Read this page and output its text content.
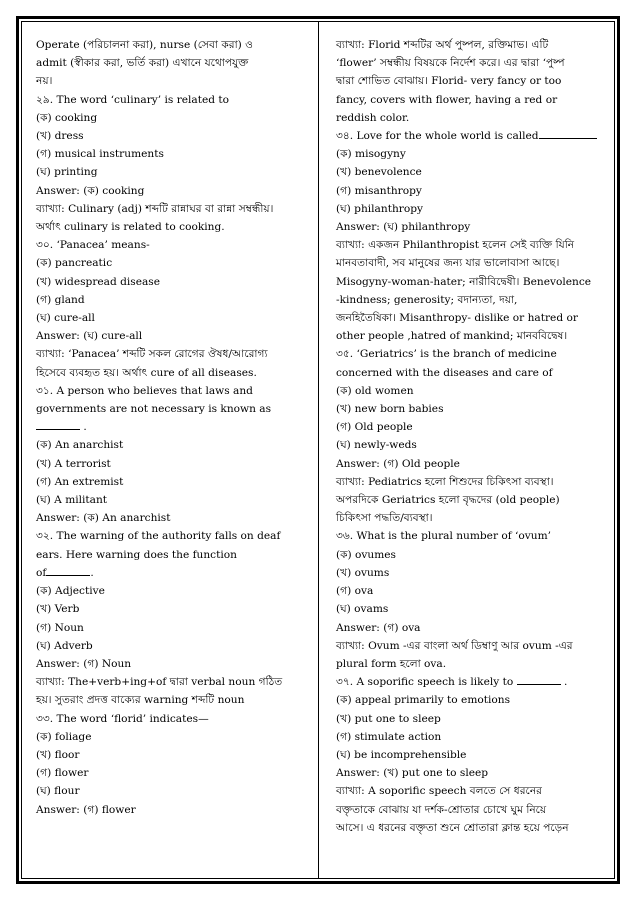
Operate (পরিচালনা করা), nurse (সেবা করা) ও

admit (স্বীকার করা, ভর্তি করা) এখানে যথোপযুক্ত

নয়।

২৯. The word ‘culinary’ is related to

(ক) cooking

(খ) dress

(গ) musical instruments

(ঘ) printing

Answer: (ক) cooking

ব্যাখ্যা: Culinary (adj) শব্দটি রান্নাঘর বা রান্না সম্বন্ধীয়।

অর্থাৎ culinary is related to cooking.

৩০. ‘Panacea’ means-

(ক) pancreatic

(খ) widespread disease

(গ) gland

(ঘ) cure-all

Answer: (ঘ) cure-all

ব্যাখ্যা: ‘Panacea’ শব্দটি সকল রোগের ঔষধ/আরোগ্য

হিসেবে ব্যবহৃত হয়। অর্থাৎ cure of all diseases.

৩১. A person who believes that laws and

governments are not necessary is known as

.

(ক) An anarchist

(খ) A terrorist

(গ) An extremist

(ঘ) A militant

Answer: (ক) An anarchist

৩২. The warning of the authority falls on deaf

ears. Here warning does the function

of	.

(ক) Adjective

(খ) Verb

(গ) Noun

(ঘ) Adverb

Answer: (গ) Noun

ব্যাখ্যা: The+verb+ing+of দ্বারা verbal noun গঠিত

হয়। সুতরাং প্রদত্ত বাক্যের warning শব্দটি noun

৩৩. The word ‘florid’ indicates—

(ক) foliage

(খ) floor

(গ) flower

(ঘ) flour

Answer: (গ) flower

ব্যাখ্যা: Florid শব্দটির অর্থ পুষ্পল, রক্তিমাভ। এটি

‘flower’ সম্বন্ধীয় বিষয়কে নির্দেশ করে। এর দ্বারা ‘পুষ্প

দ্বারা শোভিত বোঝায়। Florid- very fancy or too

fancy, covers with flower, having a red or

reddish color.

৩৪. Love for the whole world is called

(ক) misogyny

(খ) benevolence

(গ) misanthropy

(ঘ) philanthropy

Answer: (ঘ) philanthropy

ব্যাখ্যা: একজন Philanthropist হলেন সেই ব্যক্তি যিনি

মানবতাবাদী, সব মানুষের জন্য যার ভালোবাসা আছে।

Misogyny-woman-hater; নারীবিদ্বেষী। Benevolence

-kindness; generosity; বদান্যতা, দয়া,

জনহিতৈষিকা। Misanthropy- dislike or hatred or

other people ,hatred of mankind; মানববিদ্বেষ।

৩৫. ‘Geriatrics’ is the branch of medicine

concerned with the diseases and care of

(ক) old women

(খ) new born babies

(গ) Old people

(ঘ) newly-weds

Answer: (গ) Old people

ব্যাখ্যা: Pediatrics হলো শিশুদের চিকিৎসা ব্যবস্থা।

অপরদিকে Geriatrics হলো বৃদ্ধদের (old people)

চিকিৎসা পদ্ধতি/ব্যবস্থা।

৩৬. What is the plural number of ‘ovum’

(ক) ovumes

(খ) ovums

(গ) ova

(ঘ) ovams

Answer: (গ) ova

ব্যাখ্যা: Ovum -এর বাংলা অর্থ ডিম্বাণু আর ovum -এর

plural form হলো ova.

৩৭. A soporific speech is likely to	.

(ক) appeal primarily to emotions

(খ) put one to sleep

(গ) stimulate action

(ঘ) be incomprehensible

Answer: (খ) put one to sleep

ব্যাখ্যা: A soporific speech বলতে সে ধরনের

বক্তৃতাকে বোঝায় যা দর্শক-শ্রোতার চোখে ঘুম নিয়ে

আসে। এ ধরনের বক্তৃতা শুনে শ্রোতারা ক্লান্ত হয়ে পড়েন
